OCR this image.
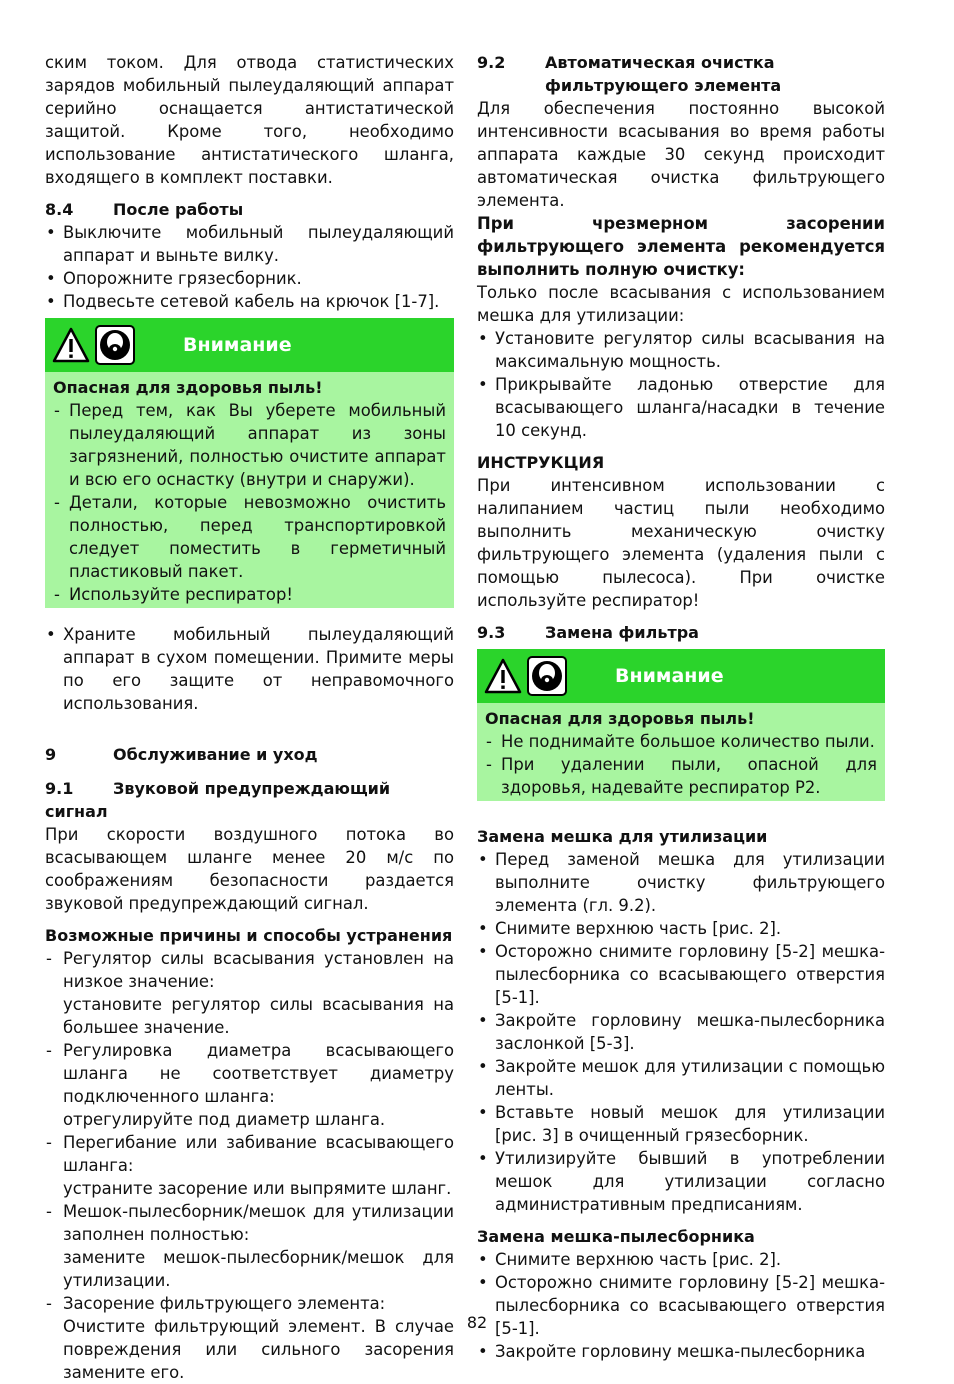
ским током. Для отвода статистических зарядов мобильный пылеудаляющий аппарат серийно оснащается антистатической защитой. Кроме того, необходимо использование антистатического шланга, входящего в комплект поставки.

8.4 После работы
• Выключите мобильный пылеудаляющий аппарат и выньте вилку.
• Опорожните грязесборник.
• Подвесьте сетевой кабель на крючок [1-7].
Внимание

Опасная для здоровья пыль!

- Перед тем, как Вы уберете мобильный пылеудаляющий аппарат из зоны загрязнений, полностью очистите аппарат и всю его оснастку (внутри и снаружи).
- Детали, которые невозможно очистить полностью, перед транспортировкой следует поместить в герметичный пластиковый пакет.
- Используйте респиратор!
• Храните мобильный пылеудаляющий аппарат в сухом помещении. Примите меры по его защите от неправомочного использования.
9	Обслуживание и уход
9.1 Звуковой предупреждающий сигнал

При скорости воздушного потока во всасывающем шланге менее 20 м/с по соображениям безопасности раздается звуковой предупреждающий сигнал.

Возможные причины и способы устранения

- Регулятор силы всасывания установлен на низкое значение:
установите регулятор силы всасывания на большее значение.
- Регулировка диаметра всасывающего шланга не соответствует диаметру подключенного шланга:
отрегулируйте под диаметр шланга.
- Перегибание или забивание всасывающего шланга:
устраните засорение или выпрямите шланг.
- Мешок-пылесборник/мешок для утилизации заполнен полностью:
замените мешок-пылесборник/мешок для утилизации.
- Засорение фильтрующего элемента:
Очистите фильтрующий элемент. В случае повреждения или сильного засорения замените его.
9.2	Автоматическая очистка фильтрующего элемента

Для обеспечения постоянно высокой интенсивности всасывания во время работы аппарата каждые 30 секунд происходит автоматическая очистка фильтрующего элемента.

При чрезмерном засорении фильтрующего элемента рекомендуется выполнить полную очистку:

Только после всасывания с использованием мешка для утилизации:

• Установите регулятор силы всасывания на максимальную мощность.
• Прикрывайте ладонью отверстие для всасывающего шланга/насадки в течение 10 секунд.

ИНСТРУКЦИЯ

При интенсивном использовании с налипанием частиц пыли необходимо выполнить механическую очистку фильтрующего элемента (удаления пыли с помощью пылесоса). При очистке используйте респиратор!

9.3 Замена фильтра
Внимание

Опасная для здоровья пыль!

- Не поднимайте большое количество пыли.
- При удалении пыли, опасной для здоровья, надевайте респиратор P2.

Замена мешка для утилизации

• Перед заменой мешка для утилизации выполните очистку фильтрующего элемента (гл. 9.2).
• Снимите верхнюю часть [рис. 2].
• Осторожно снимите горловину [5-2] мешка-пылесборника со всасывающего отверстия [5-1].
• Закройте горловину мешка-пылесборника заслонкой [5-3].
• Закройте мешок для утилизации с помощью ленты.
• Вставьте новый мешок для утилизации [рис. 3] в очищенный грязесборник.
• Утилизируйте бывший в употреблении мешок для утилизации согласно административным предписаниям.

Замена мешка-пылесборника

• Снимите верхнюю часть [рис. 2].
• Осторожно снимите горловину [5-2] мешка-пылесборника со всасывающего отверстия [5-1].
• Закройте горловину мешка-пылесборника
82
